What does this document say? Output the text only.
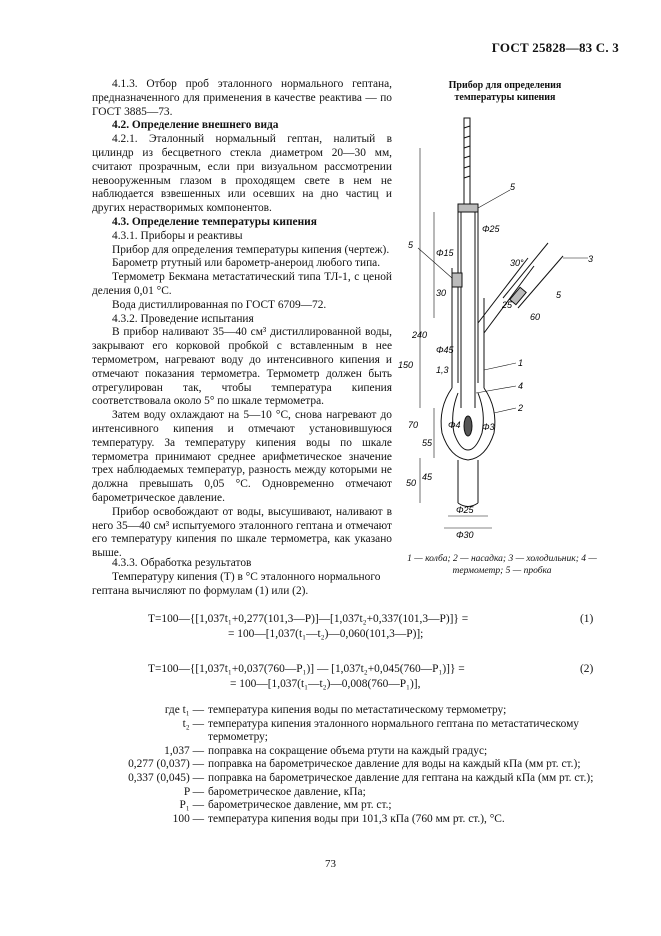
ГОСТ 25828—83 С. 3

4.1.3. Отбор проб эталонного нормального гептана, предназначенного для применения в качестве реактива — по ГОСТ 3885—73.

4.2. Определение внешнего вида

4.2.1. Эталонный нормальный гептан, налитый в цилиндр из бесцветного стекла диаметром 20—30 мм, считают прозрачным, если при визуальном рассмотрении невооруженным глазом в проходящем свете в нем не наблюдается взвешенных или осевших на дно частиц и других нерастворимых компонентов.

4.3. Определение температуры кипения

4.3.1. Приборы и реактивы

Прибор для определения температуры кипения (чертеж).

Барометр ртутный или барометр-анероид любого типа.

Термометр Бекмана метастатический типа ТЛ-1, с ценой деления 0,01 °С.

Вода дистиллированная по ГОСТ 6709—72.

4.3.2. Проведение испытания

В прибор наливают 35—40 см³ дистиллированной воды, закрывают его корковой пробкой с вставленным в нее термометром, нагревают воду до интенсивного кипения и отмечают показания термометра. Термометр должен быть отрегулирован так, чтобы температура кипения соответствовала около 5° по шкале термометра.

Затем воду охлаждают на 5—10 °С, снова нагревают до интенсивного кипения и отмечают установившуюся температуру. За температуру кипения воды по шкале термометра принимают среднее арифметическое значение трех наблюдаемых температур, разность между которыми не должна превышать 0,05 °С. Одновременно отмечают барометрическое давление.

Прибор освобождают от воды, высушивают, наливают в него 35—40 см³ испытуемого эталонного гептана и отмечают его температуру кипения по шкале термометра, как указано выше.

Прибор для определения
температуры кипения
5
5
5
3
1
4
2
Φ25
Φ15
Φ45
Φ4 Φ3
Φ25
Φ30
30°
240
150
30
1,3
70
55
50
45
60
25
1 — колба; 2 — насадка; 3 — холодильник; 4 — термометр; 5 — пробка

4.3.3. Обработка результатов

Температуру кипения (T) в °С эталонного нормального гептана вычисляют по формулам (1) или (2).

T=100—{[1,037t₁+0,277(101,3—P)]—[1,037t₂+0,337(101,3—P)]} =
= 100—[1,037(t₁—t₂)—0,060(101,3—P)];
(1)
T=100—{[1,037t₁+0,037(760—P₁)] — [1,037t₂+0,045(760—P₁)]} =
= 100—[1,037(t₁—t₂)—0,008(760—P₁)],
(2)
где t₁ — температура кипения воды по метастатическому термометру;
t₂ — температура кипения эталонного нормального гептана по метастатическому термометру;
1,037 — поправка на сокращение объема ртути на каждый градус;
0,277 (0,037) — поправка на барометрическое давление для воды на каждый кПа (мм рт. ст.);
0,337 (0,045) — поправка на барометрическое давление для гептана на каждый кПа (мм рт. ст.);
P — барометрическое давление, кПа;
P₁ — барометрическое давление, мм рт. ст.;
100 — температура кипения воды при 101,3 кПа (760 мм рт. ст.), °С.
73
